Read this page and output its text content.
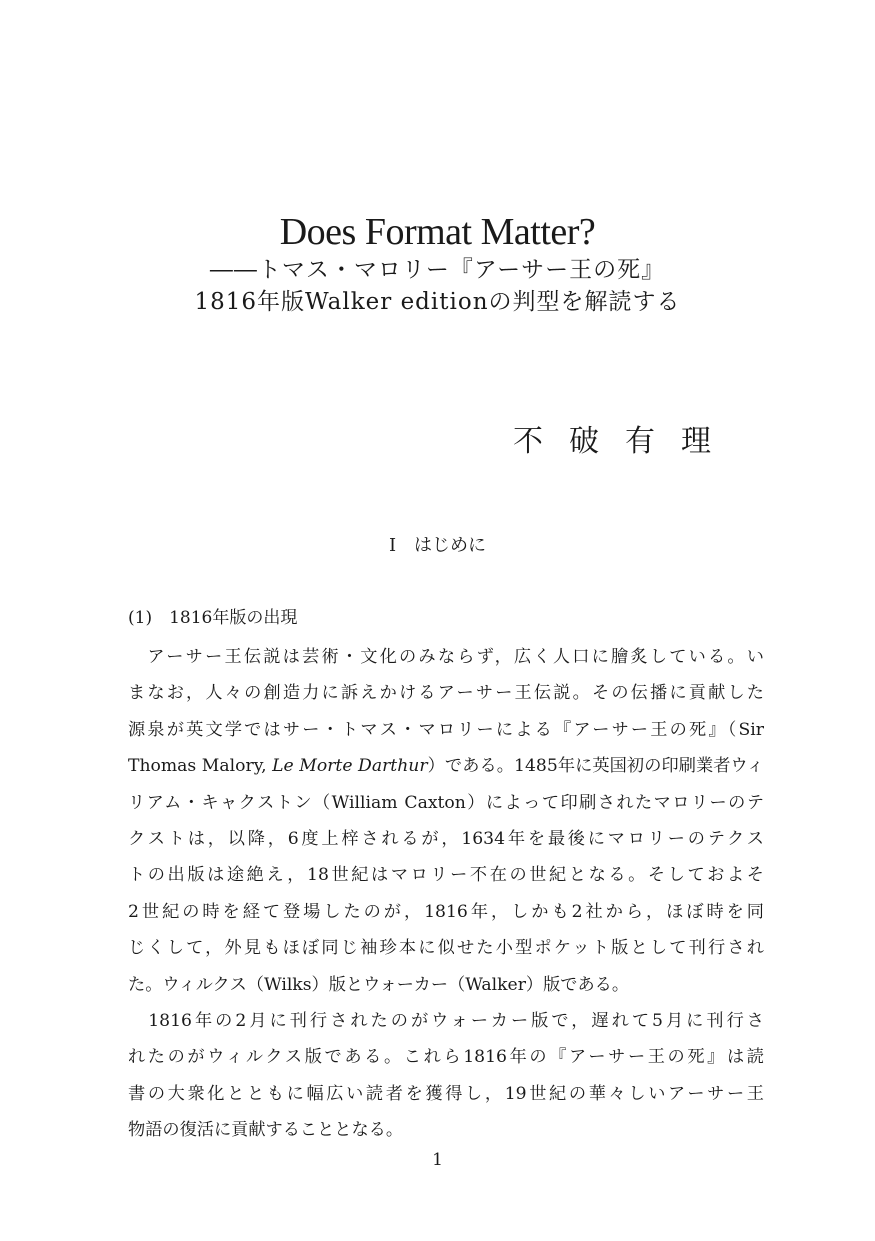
Does Format Matter?
――トマス・マロリー『アーサー王の死』
1816年版Walker editionの判型を解読する
不破有理
I　はじめに
(1)　1816年版の出現
　アーサー王伝説は芸術・文化のみならず，広く人口に膾炙している。い
まなお，人々の創造力に訴えかけるアーサー王伝説。その伝播に貢献した
源泉が英文学ではサー・トマス・マロリーによる『アーサー王の死』（Sir
Thomas Malory, Le Morte Darthur）である。1485年に英国初の印刷業者ウィ
リアム・キャクストン（William Caxton）によって印刷されたマロリーのテ
クストは，以降，6度上梓されるが，1634年を最後にマロリーのテクス
トの出版は途絶え，18世紀はマロリー不在の世紀となる。そしておよそ
2世紀の時を経て登場したのが，1816年，しかも2社から，ほぼ時を同
じくして，外見もほぼ同じ袖珍本に似せた小型ポケット版として刊行され
た。ウィルクス（Wilks）版とウォーカー（Walker）版である。
　1816年の2月に刊行されたのがウォーカー版で，遅れて5月に刊行さ
れたのがウィルクス版である。これら1816年の『アーサー王の死』は読
書の大衆化とともに幅広い読者を獲得し，19世紀の華々しいアーサー王
物語の復活に貢献することとなる。
1
